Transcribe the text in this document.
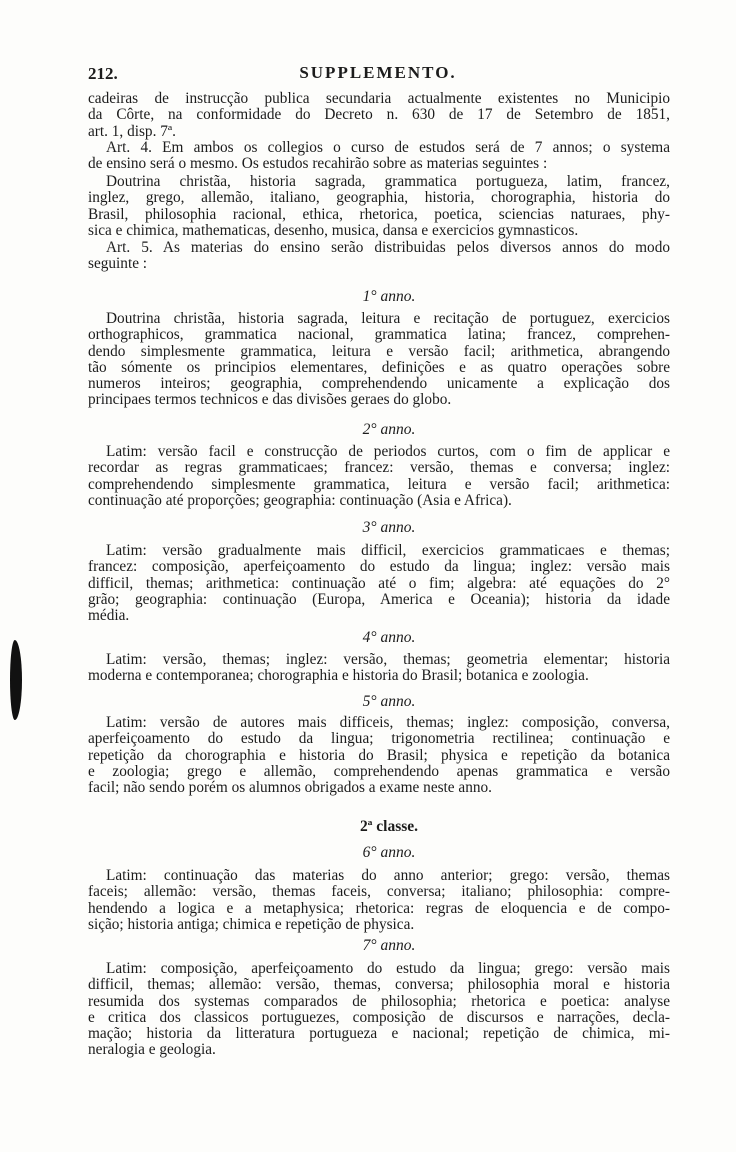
212.	SUPPLEMENTO.
cadeiras de instrucção publica secundaria actualmente existentes no Municipio
da Côrte, na conformidade do Decreto n. 630 de 17 de Setembro de 1851,
art. 1, disp. 7ª.
Art. 4. Em ambos os collegios o curso de estudos será de 7 annos; o systema
de ensino será o mesmo. Os estudos recahirão sobre as materias seguintes :
Doutrina christãa, historia sagrada, grammatica portugueza, latim, francez,
inglez, grego, allemão, italiano, geographia, historia, chorographia, historia do
Brasil, philosophia racional, ethica, rhetorica, poetica, sciencias naturaes, phy-
sica e chimica, mathematicas, desenho, musica, dansa e exercicios gymnasticos.
Art. 5. As materias do ensino serão distribuidas pelos diversos annos do modo
seguinte :
1° anno.
Doutrina christãa, historia sagrada, leitura e recitação de portuguez, exercicios
orthographicos, grammatica nacional, grammatica latina; francez, comprehen-
dendo simplesmente grammatica, leitura e versão facil; arithmetica, abrangendo
tão sómente os principios elementares, definições e as quatro operações sobre
numeros inteiros; geographia, comprehendendo unicamente a explicação dos
principaes termos technicos e das divisões geraes do globo.
2° anno.
Latim: versão facil e construcção de periodos curtos, com o fim de applicar e
recordar as regras grammaticaes; francez: versão, themas e conversa; inglez:
comprehendendo simplesmente grammatica, leitura e versão facil; arithmetica:
continuação até proporções; geographia: continuação (Asia e Africa).
3° anno.
Latim: versão gradualmente mais difficil, exercicios grammaticaes e themas;
francez: composição, aperfeiçoamento do estudo da lingua; inglez: versão mais
difficil, themas; arithmetica: continuação até o fim; algebra: até equações do 2°
grão; geographia: continuação (Europa, America e Oceania); historia da idade
média.
4° anno.
Latim: versão, themas; inglez: versão, themas; geometria elementar; historia
moderna e contemporanea; chorographia e historia do Brasil; botanica e zoologia.
5° anno.
Latim: versão de autores mais difficeis, themas; inglez: composição, conversa,
aperfeiçoamento do estudo da lingua; trigonometria rectilinea; continuação e
repetição da chorographia e historia do Brasil; physica e repetição da botanica
e zoologia; grego e allemão, comprehendendo apenas grammatica e versão
facil; não sendo porém os alumnos obrigados a exame neste anno.
2ª classe.
6° anno.
Latim: continuação das materias do anno anterior; grego: versão, themas
faceis; allemão: versão, themas faceis, conversa; italiano; philosophia: compre-
hendendo a logica e a metaphysica; rhetorica: regras de eloquencia e de compo-
sição; historia antiga; chimica e repetição de physica.
7° anno.
Latim: composição, aperfeiçoamento do estudo da lingua; grego: versão mais
difficil, themas; allemão: versão, themas, conversa; philosophia moral e historia
resumida dos systemas comparados de philosophia; rhetorica e poetica: analyse
e critica dos classicos portuguezes, composição de discursos e narrações, decla-
mação; historia da litteratura portugueza e nacional; repetição de chimica, mi-
neralogia e geologia.
